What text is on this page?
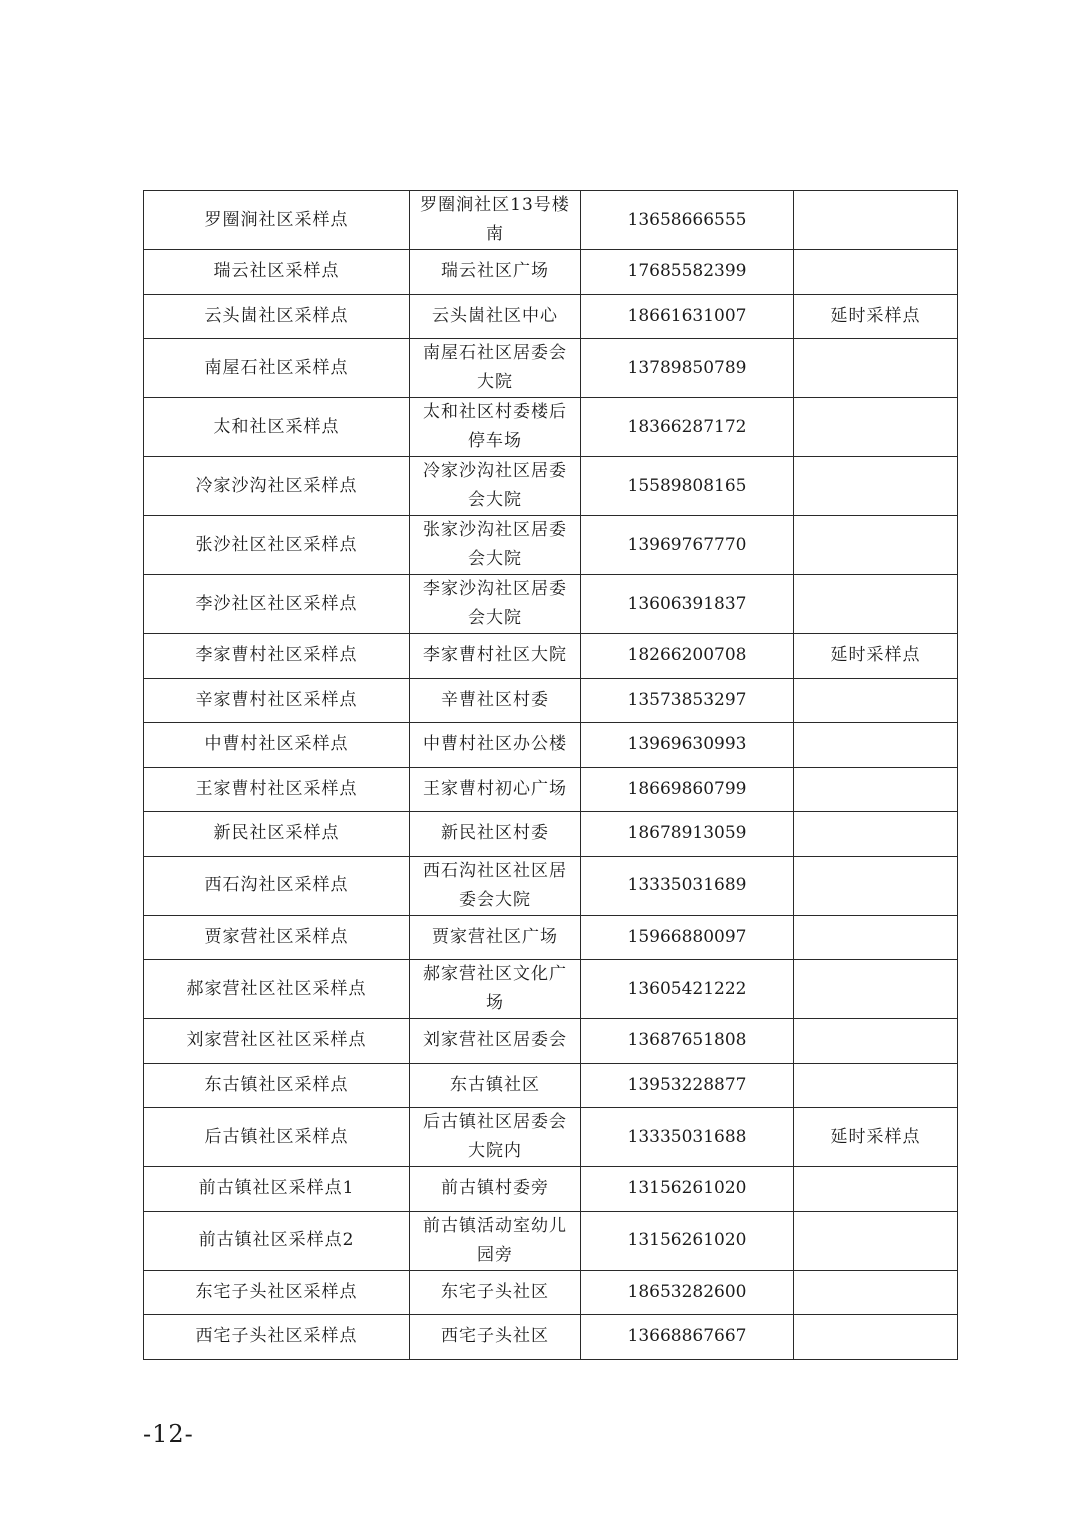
罗圈涧社区采样点	罗圈涧社区13号楼南	13658666555	
瑞云社区采样点	瑞云社区广场	17685582399	
云头崮社区采样点	云头崮社区中心	18661631007	延时采样点
南屋石社区采样点	南屋石社区居委会大院	13789850789	
太和社区采样点	太和社区村委楼后停车场	18366287172	
冷家沙沟社区采样点	冷家沙沟社区居委会大院	15589808165	
张沙社区社区采样点	张家沙沟社区居委会大院	13969767770	
李沙社区社区采样点	李家沙沟社区居委会大院	13606391837	
李家曹村社区采样点	李家曹村社区大院	18266200708	延时采样点
辛家曹村社区采样点	辛曹社区村委	13573853297	
中曹村社区采样点	中曹村社区办公楼	13969630993	
王家曹村社区采样点	王家曹村初心广场	18669860799	
新民社区采样点	新民社区村委	18678913059	
西石沟社区采样点	西石沟社区社区居委会大院	13335031689	
贾家营社区采样点	贾家营社区广场	15966880097	
郝家营社区社区采样点	郝家营社区文化广场	13605421222	
刘家营社区社区采样点	刘家营社区居委会	13687651808	
东古镇社区采样点	东古镇社区	13953228877	
后古镇社区采样点	后古镇社区居委会大院内	13335031688	延时采样点
前古镇社区采样点1	前古镇村委旁	13156261020	
前古镇社区采样点2	前古镇活动室幼儿园旁	13156261020	
东宅子头社区采样点	东宅子头社区	18653282600	
西宅子头社区采样点	西宅子头社区	13668867667	
-12-
